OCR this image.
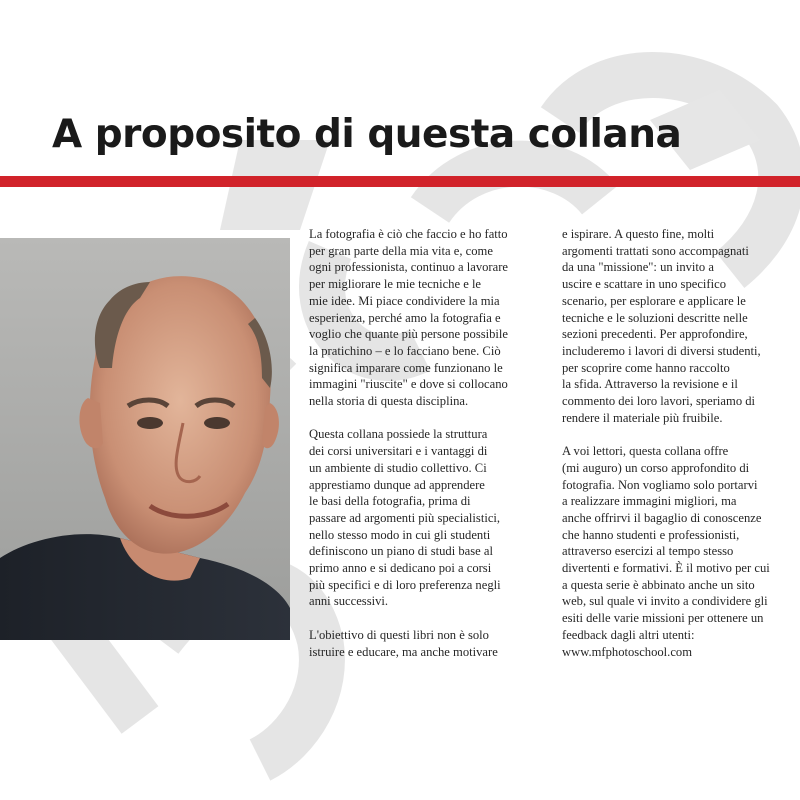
A proposito di questa collana

La fotografia è ciò che faccio e ho fatto
per gran parte della mia vita e, come
ogni professionista, continuo a lavorare
per migliorare le mie tecniche e le
mie idee. Mi piace condividere la mia
esperienza, perché amo la fotografia e
voglio che quante più persone possibile
la pratichino – e lo facciano bene. Ciò
significa imparare come funzionano le
immagini "riuscite" e dove si collocano
nella storia di questa disciplina.

Questa collana possiede la struttura
dei corsi universitari e i vantaggi di
un ambiente di studio collettivo. Ci
apprestiamo dunque ad apprendere
le basi della fotografia, prima di
passare ad argomenti più specialistici,
nello stesso modo in cui gli studenti
definiscono un piano di studi base al
primo anno e si dedicano poi a corsi
più specifici e di loro preferenza negli
anni successivi.

L'obiettivo di questi libri non è solo
istruire e educare, ma anche motivare

e ispirare. A questo fine, molti
argomenti trattati sono accompagnati
da una "missione": un invito a
uscire e scattare in uno specifico
scenario, per esplorare e applicare le
tecniche e le soluzioni descritte nelle
sezioni precedenti. Per approfondire,
includeremo i lavori di diversi studenti,
per scoprire come hanno raccolto
la sfida. Attraverso la revisione e il
commento dei loro lavori, speriamo di
rendere il materiale più fruibile.

A voi lettori, questa collana offre
(mi auguro) un corso approfondito di
fotografia. Non vogliamo solo portarvi
a realizzare immagini migliori, ma
anche offrirvi il bagaglio di conoscenze
che hanno studenti e professionisti,
attraverso esercizi al tempo stesso
divertenti e formativi. È il motivo per cui
a questa serie è abbinato anche un sito
web, sul quale vi invito a condividere gli
esiti delle varie missioni per ottenere un
feedback dagli altri utenti:
www.mfphotoschool.com
